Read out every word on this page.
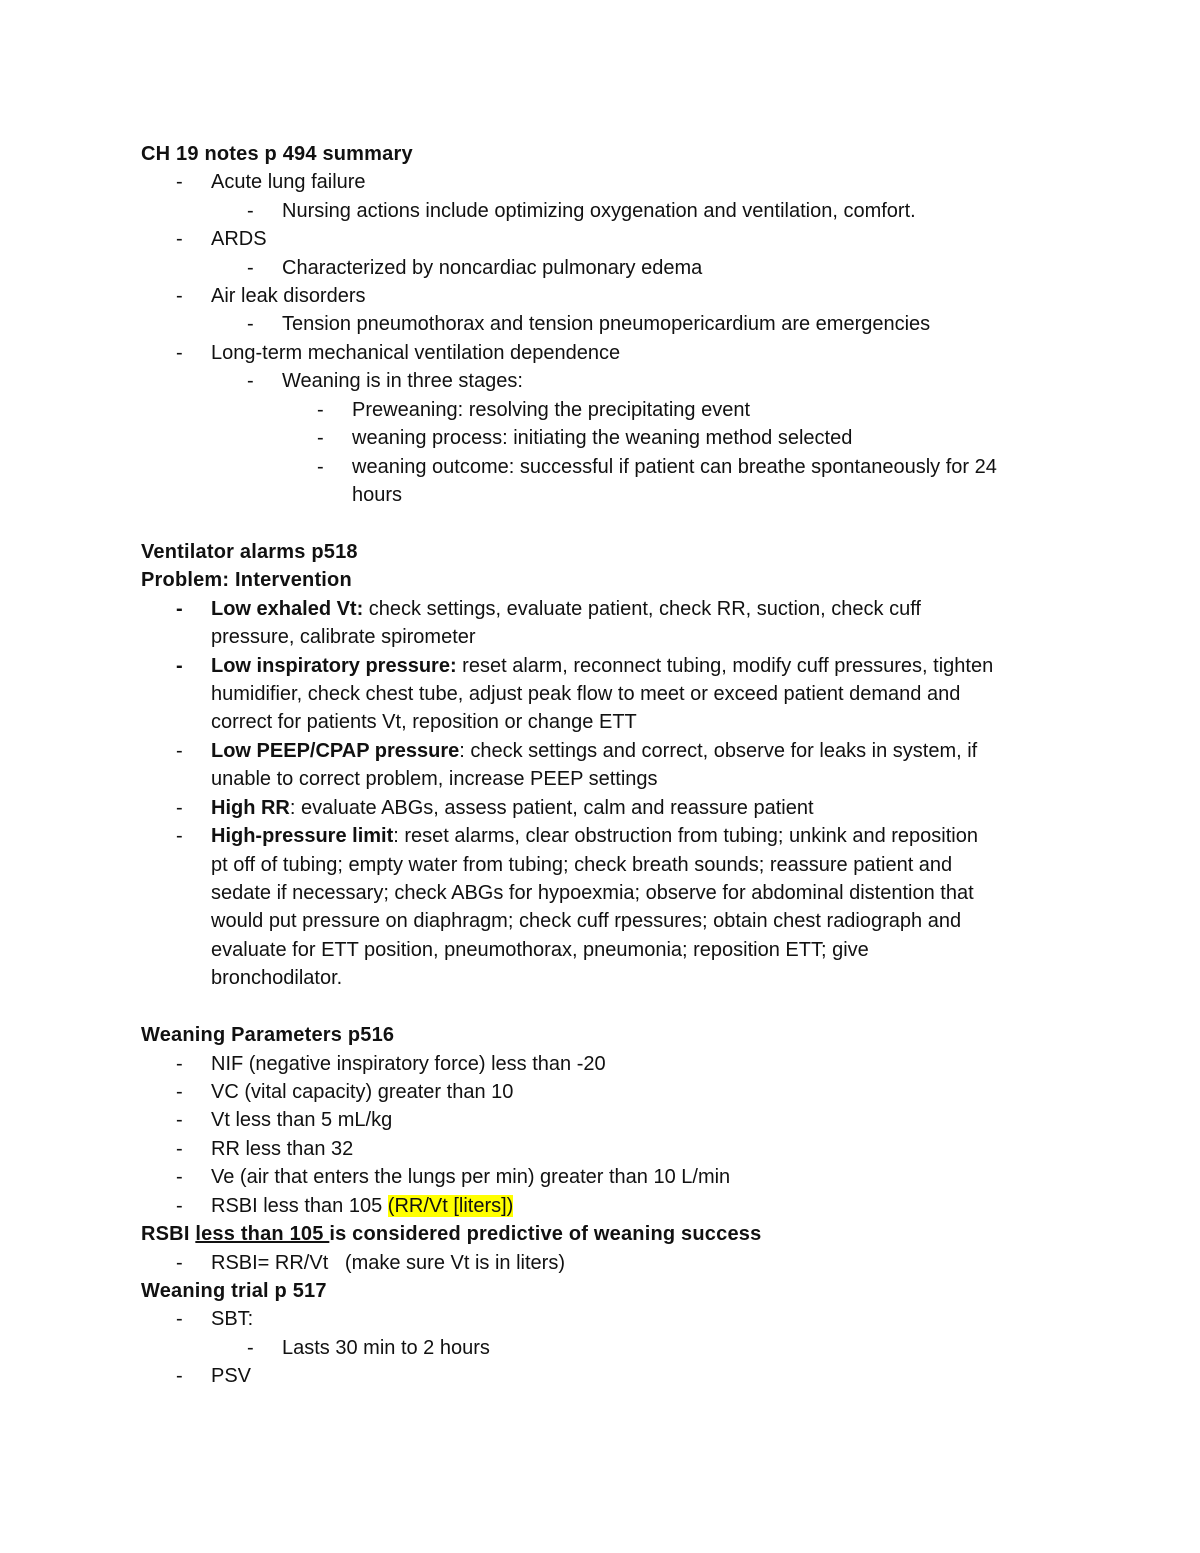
CH 19 notes p 494 summary
- Acute lung failure
- Nursing actions include optimizing oxygenation and ventilation, comfort.
- ARDS
- Characterized by noncardiac pulmonary edema
- Air leak disorders
- Tension pneumothorax and tension pneumopericardium are emergencies
- Long-term mechanical ventilation dependence
- Weaning is in three stages:
- Preweaning: resolving the precipitating event
- weaning process: initiating the weaning method selected
- weaning outcome: successful if patient can breathe spontaneously for 24
hours
Ventilator alarms p518
Problem: Intervention
- Low exhaled Vt: check settings, evaluate patient, check RR, suction, check cuff
pressure, calibrate spirometer
- Low inspiratory pressure: reset alarm, reconnect tubing, modify cuff pressures, tighten
humidifier, check chest tube, adjust peak flow to meet or exceed patient demand and
correct for patients Vt, reposition or change ETT
- Low PEEP/CPAP pressure: check settings and correct, observe for leaks in system, if
unable to correct problem, increase PEEP settings
- High RR: evaluate ABGs, assess patient, calm and reassure patient
- High-pressure limit: reset alarms, clear obstruction from tubing; unkink and reposition
pt off of tubing; empty water from tubing; check breath sounds; reassure patient and
sedate if necessary; check ABGs for hypoexmia; observe for abdominal distention that
would put pressure on diaphragm; check cuff rpessures; obtain chest radiograph and
evaluate for ETT position, pneumothorax, pneumonia; reposition ETT; give
bronchodilator.
Weaning Parameters p516
- NIF (negative inspiratory force) less than -20
- VC (vital capacity) greater than 10
- Vt less than 5 mL/kg
- RR less than 32
- Ve (air that enters the lungs per min) greater than 10 L/min
- RSBI less than 105 (RR/Vt [liters])
RSBI less than 105 is considered predictive of weaning success
- RSBI= RR/Vt   (make sure Vt is in liters)
Weaning trial p 517
- SBT:
- Lasts 30 min to 2 hours
- PSV
